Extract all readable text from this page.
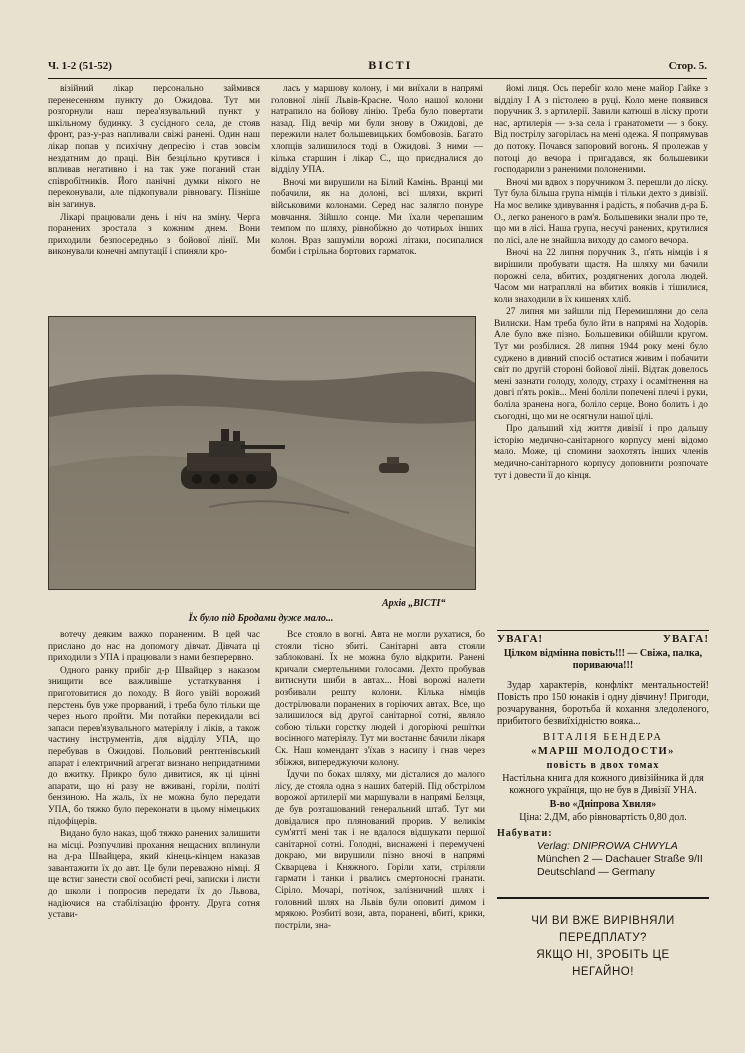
Ч. 1-2 (51-52)	ВІСТІ	Стор. 5.

візійний лікар персонально займився перенесенням пункту до Ожидова. Тут ми розгорнули наш переа'язувальний пункт у шкільному будинку. З сусідного села, де стояв фронт, раз-у-раз напливали свіжі ранені. Один наш лікар попав у психічну депресію і став зовсім нездатним до праці. Він безцільно крутився і впливав негативно і на так уже поганий стан співробітників. Його панічні думки нікого не переконували, але підкопували рівновагу. Пізніше він загинув.

Лікарі працювали день і ніч на зміну. Черга поранених зростала з кожним днем. Вони приходили безпосередньо з бойової лінії. Ми виконували конечні ампутації і спиняли кро-

лась у маршову колону, і ми виїхали в напрямі головної лінії Львів-Красне. Чоло нашої колони натрапило на бойову лінію. Треба було повертати назад. Під вечір ми були знову в Ожидові, де пережили налет большевицьких бомбовозів. Багато хлопців залишилося тоді в Ожидові. З ними — кілька старшин і лікар С., що приєдналися до відділу УПА.

Вночі ми вирушили на Білий Камінь. Вранці ми побачили, як на долоні, всі шляхи, вкриті військовими колонами. Серед нас залягло понуре мовчання. Зійшло сонце. Ми їхали черепашим темпом по шляху, рівнобіжно до чотирьох інших колон. Враз зашуміли ворожі літаки, посипалися бомби і стрільна бортових гарматок.

йомі лиця. Ось перебіг коло мене майор Гайке з відділу І А з пістолею в руці. Коло мене появився поручник З. з артилерії. Завили катюші в ліску проти нас, артилерія — з-за села і гранатомети — з боку. Від пострілу загорілась на мені одежа. Я попрямував до потоку. Почався запоровий вогонь. Я пролежав у потоці до вечора і пригадався, як большевики господарили з раненими полоненими.

Вночі ми вдвох з поручником З. перешли до ліску. Тут була більша група німців і тільки дехто з дивізії. На мос велике здивування і радість, я побачив д-ра Б. О., легко раненого в рам'я. Большевики знали про те, що ми в лісі. Наша група, несучі ранених, крутилися по лісі, але не знайшла виходу до самого вечора.

Вночі на 22 липня поручник З., п'ять німців і я вирішили пробувати щастя. На шляху ми бачили порожні села, вбитих, роздягнених догола людей. Часом ми натраплялі на вбитих вояків і тішилися, коли знаходили в їх кишенях хліб.

27 липня ми зайшли під Перемишляни до села Вилиски. Нам треба було йти в напрямі на Ходорів. Але було вже пізно. Большевики обійшли кругом. Тут ми розбілися. 28 липня 1944 року мені було суджено в дивний спосіб остатися живим і побачити світ по другій стороні бойової лінії. Відтак довелось мені зазнати голоду, холоду, страху і осамітнення на довгі п'ять років... Мені боліли попечені плечі і руки, боліла зранена нога, боліло серце. Воно болить і до сьогодні, що ми не осягнули нашої цілі.

Про дальший хід життя дивізії і про дальшу історію медично-санітарного корпусу мені відомо мало. Може, ці спомини заохотять інших членів медично-санітарного корпусу доповнити розпочате тут і довести її до кінця.

Архів „ВІСТІ“
Їх було під Бродами дуже мало...

вотечу деяким важко пораненим. В цей час прислано до нас на допомогу дівчат. Дівчата ці приходили з УПА і працювали з нами безперервно.

Одного ранку прибіг д-р Швайцер з наказом знищити все важливіше устаткування і приготовитися до походу. В його увійі ворожий перстень був уже прорваний, і треба було тільки ще через нього пройти. Ми потайки перекидали всі запаси перев'язувального матеріялу і ліків, а також частину інструментів, для відділу УПА, що перебував в Ожидові. Польовий рентґенівський апарат і електричний агрегат визнано непридатними до вжитку. Прикро було дивитися, як ці цінні апарати, що ні разу не вживані, горіли, політі бензиною. На жаль, їх не можна було передати УПА, бо тяжко було переконати в цьому німецьких підофіцерів.

Видано було наказ, щоб тяжко ранених залишити на місці. Розпучливі прохання нещасних вплинули на д-ра Швайцера, який кінець-кінцем наказав завантажити їх до авт. Це були переважно німці. Я ще встиг занести свої особисті речі, записки і листи до школи і попросив передати їх до Львова, надіючися на стабілізацію фронту. Друга сотня устави-

Все стояло в вогні. Авта не могли рухатися, бо стояли тісно збиті. Санітарні авта стояли заблоковані. Їх не можна було відкрити. Ранені кричали смертельними голосами. Дехто пробував витиснути шиби в автах... Нові ворожі налети розбивали решту колони. Кілька німців дострілювали поранених в горіючих автах. Все, що залишилося від другої санітарної сотні, являло собою тільки горстку людей і догоріючі решітки восінного матеріялу. Тут ми востаннє бачили лікаря Ск. Наш комендант з'їхав з насипу і гнав через збіжжя, випереджуючи колону.

Їдучи по боках шляху, ми дісталися до малого лісу, де стояла одна з наших батерій. Під обстрілом ворожої артилерії ми маршували в напрямі Белзця, де був розташований генеральний штаб. Тут ми довідалися про плянований прорив. У великім сум'яттї мені так і не вдалося відшукати першої санітарної сотні. Голодні, виснажені і перемучені докраю, ми вирушили пізно вночі в напрямі Скварцева і Княжного. Горіли хати, стріляли гармати і танки і рвались смертоносні гранати. Сіріло. Мочарі, потічок, залізничний шлях і головний шлях на Львів були оповиті димом і мрякою. Розбиті вози, авта, поранені, вбиті, крики, постріли, зна-

УВАГА!	УВАГА!
Цілком відмінна повість!!! — Свіжа, палка, пориваюча!!!

Зудар характерів, конфлікт ментальностей! Повість про 150 юнаків і одну дівчину! Пригоди, розчарування, боротьба й кохання зледоленого, прибитого безвиїхідністю вояка...

ВІТАЛІЯ БЕНДЕРА
«МАРШ МОЛОДОСТИ»
повість в двох томах
Настільна книга для кожного дивізійника й для кожного українця, що не був в Дивізії УНА.
В-во «Дніпрова Хвиля»
Ціна: 2.ДМ, або рівновартість 0,80 дол.
Набувати:
Verlag: DNIPROWA CHWYLA
München 2 — Dachauer Straße 9/II
Deutschland — Germany
ЧИ ВИ ВЖЕ ВИРІВНЯЛИ
ПЕРЕДПЛАТУ?
ЯКЩО НІ, ЗРОБІТЬ ЦЕ
НЕГАЙНО!
